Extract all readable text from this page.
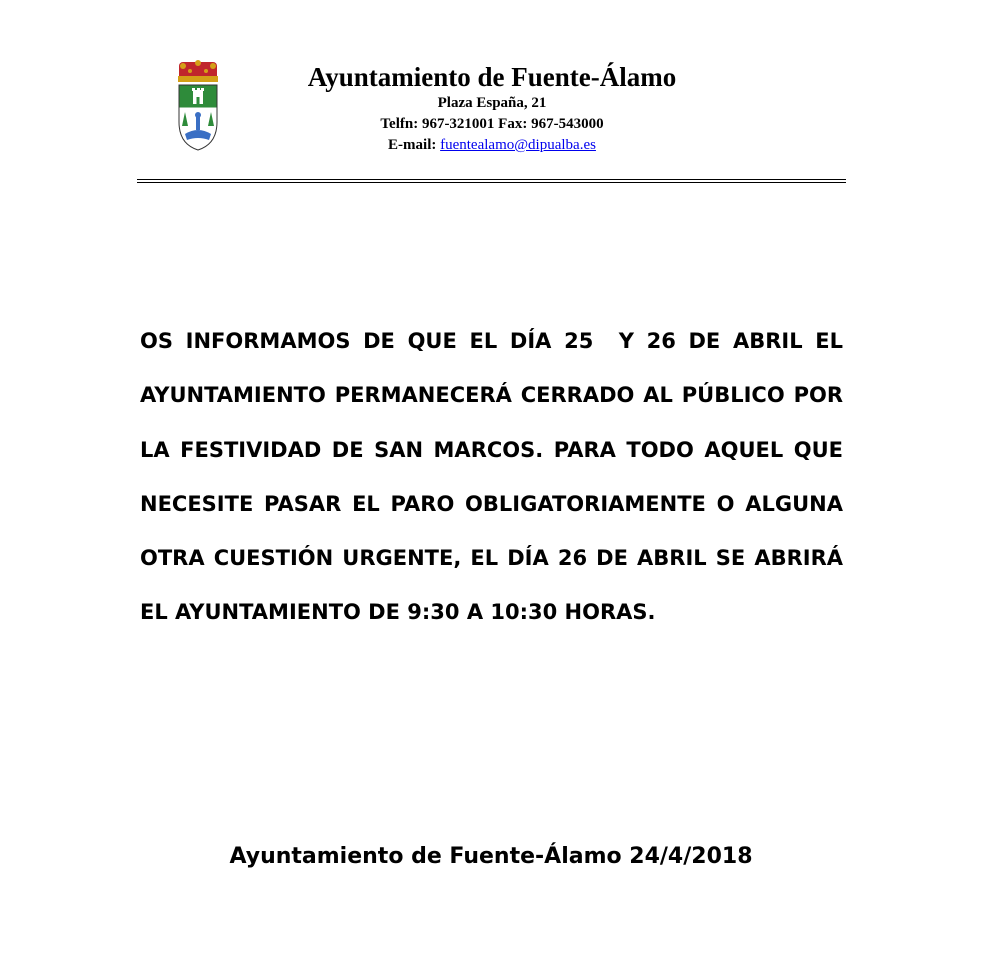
Ayuntamiento de Fuente-Álamo
Plaza España, 21
Telfn: 967-321001 Fax: 967-543000
E-mail: fuentealamo@dipualba.es

OS INFORMAMOS DE QUE EL DÍA 25  Y 26 DE ABRIL EL AYUNTAMIENTO PERMANECERÁ CERRADO AL PÚBLICO POR LA FESTIVIDAD DE SAN MARCOS. PARA TODO AQUEL QUE NECESITE PASAR EL PARO OBLIGATORIAMENTE O ALGUNA OTRA CUESTIÓN URGENTE, EL DÍA 26 DE ABRIL SE ABRIRÁ EL AYUNTAMIENTO DE 9:30 A 10:30 HORAS.

Ayuntamiento de Fuente-Álamo 24/4/2018
